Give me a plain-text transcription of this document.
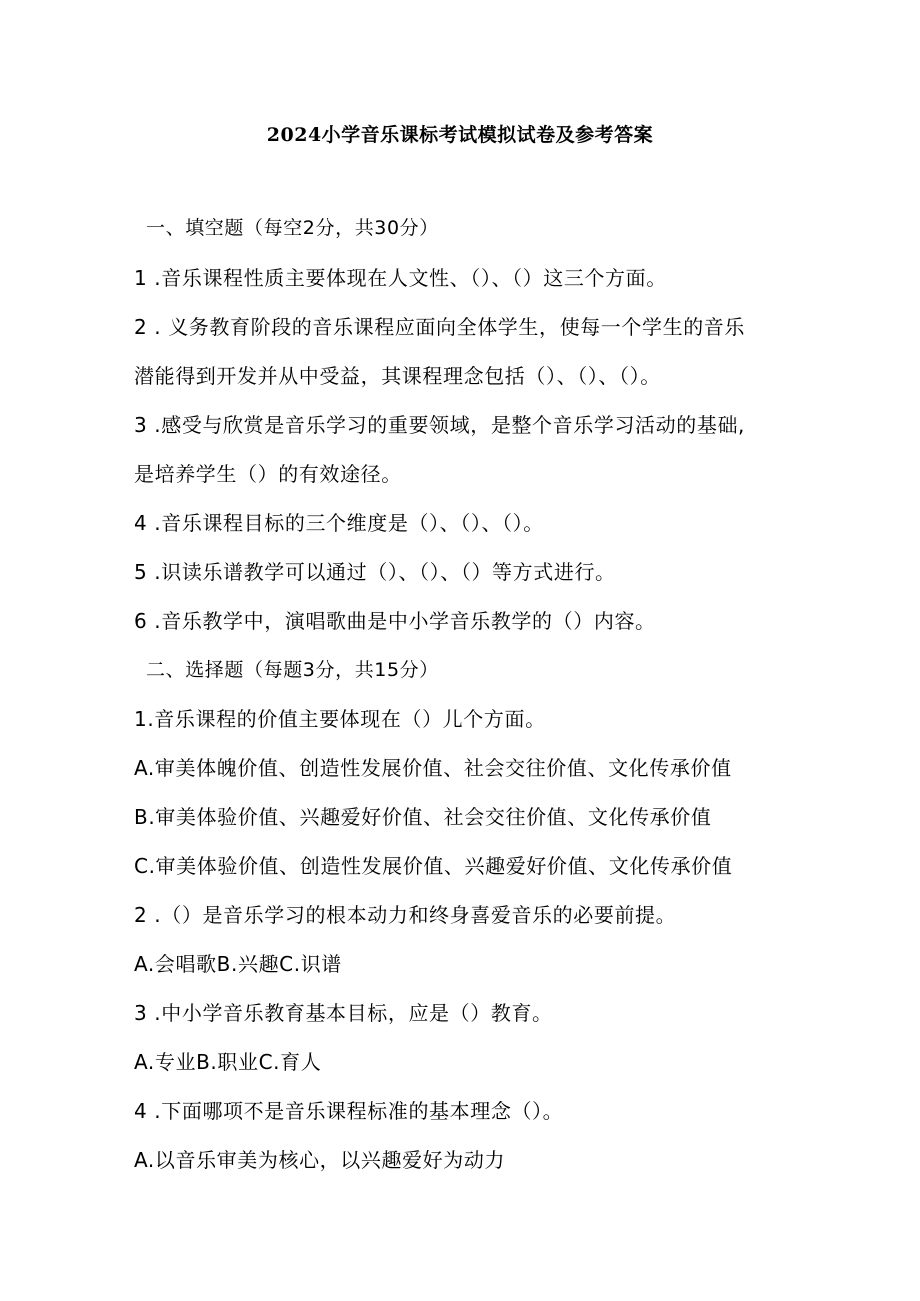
2024小学音乐课标考试模拟试卷及参考答案
一、填空题（每空2分，共30分）
1 .音乐课程性质主要体现在人文性、（）、（）这三个方面。
2 . 义务教育阶段的音乐课程应面向全体学生，使每一个学生的音乐
潜能得到开发并从中受益，其课程理念包括（）、（）、（）。
3 .感受与欣赏是音乐学习的重要领域，是整个音乐学习活动的基础,
是培养学生（）的有效途径。
4 .音乐课程目标的三个维度是（）、（）、（）。
5 .识读乐谱教学可以通过（）、（）、（）等方式进行。
6 .音乐教学中，演唱歌曲是中小学音乐教学的（）内容。
二、选择题（每题3分，共15分）
1.音乐课程的价值主要体现在（）儿个方面。
A.审美体魄价值、创造性发展价值、社会交往价值、文化传承价值
B.审美体验价值、兴趣爱好价值、社会交往价值、文化传承价值
C.审美体验价值、创造性发展价值、兴趣爱好价值、文化传承价值
2 .（）是音乐学习的根本动力和终身喜爱音乐的必要前提。
A.会唱歌B.兴趣C.识谱
3 .中小学音乐教育基本目标，应是（）教育。
A.专业B.职业C.育人
4 .下面哪项不是音乐课程标准的基本理念（）。
A.以音乐审美为核心，以兴趣爱好为动力
